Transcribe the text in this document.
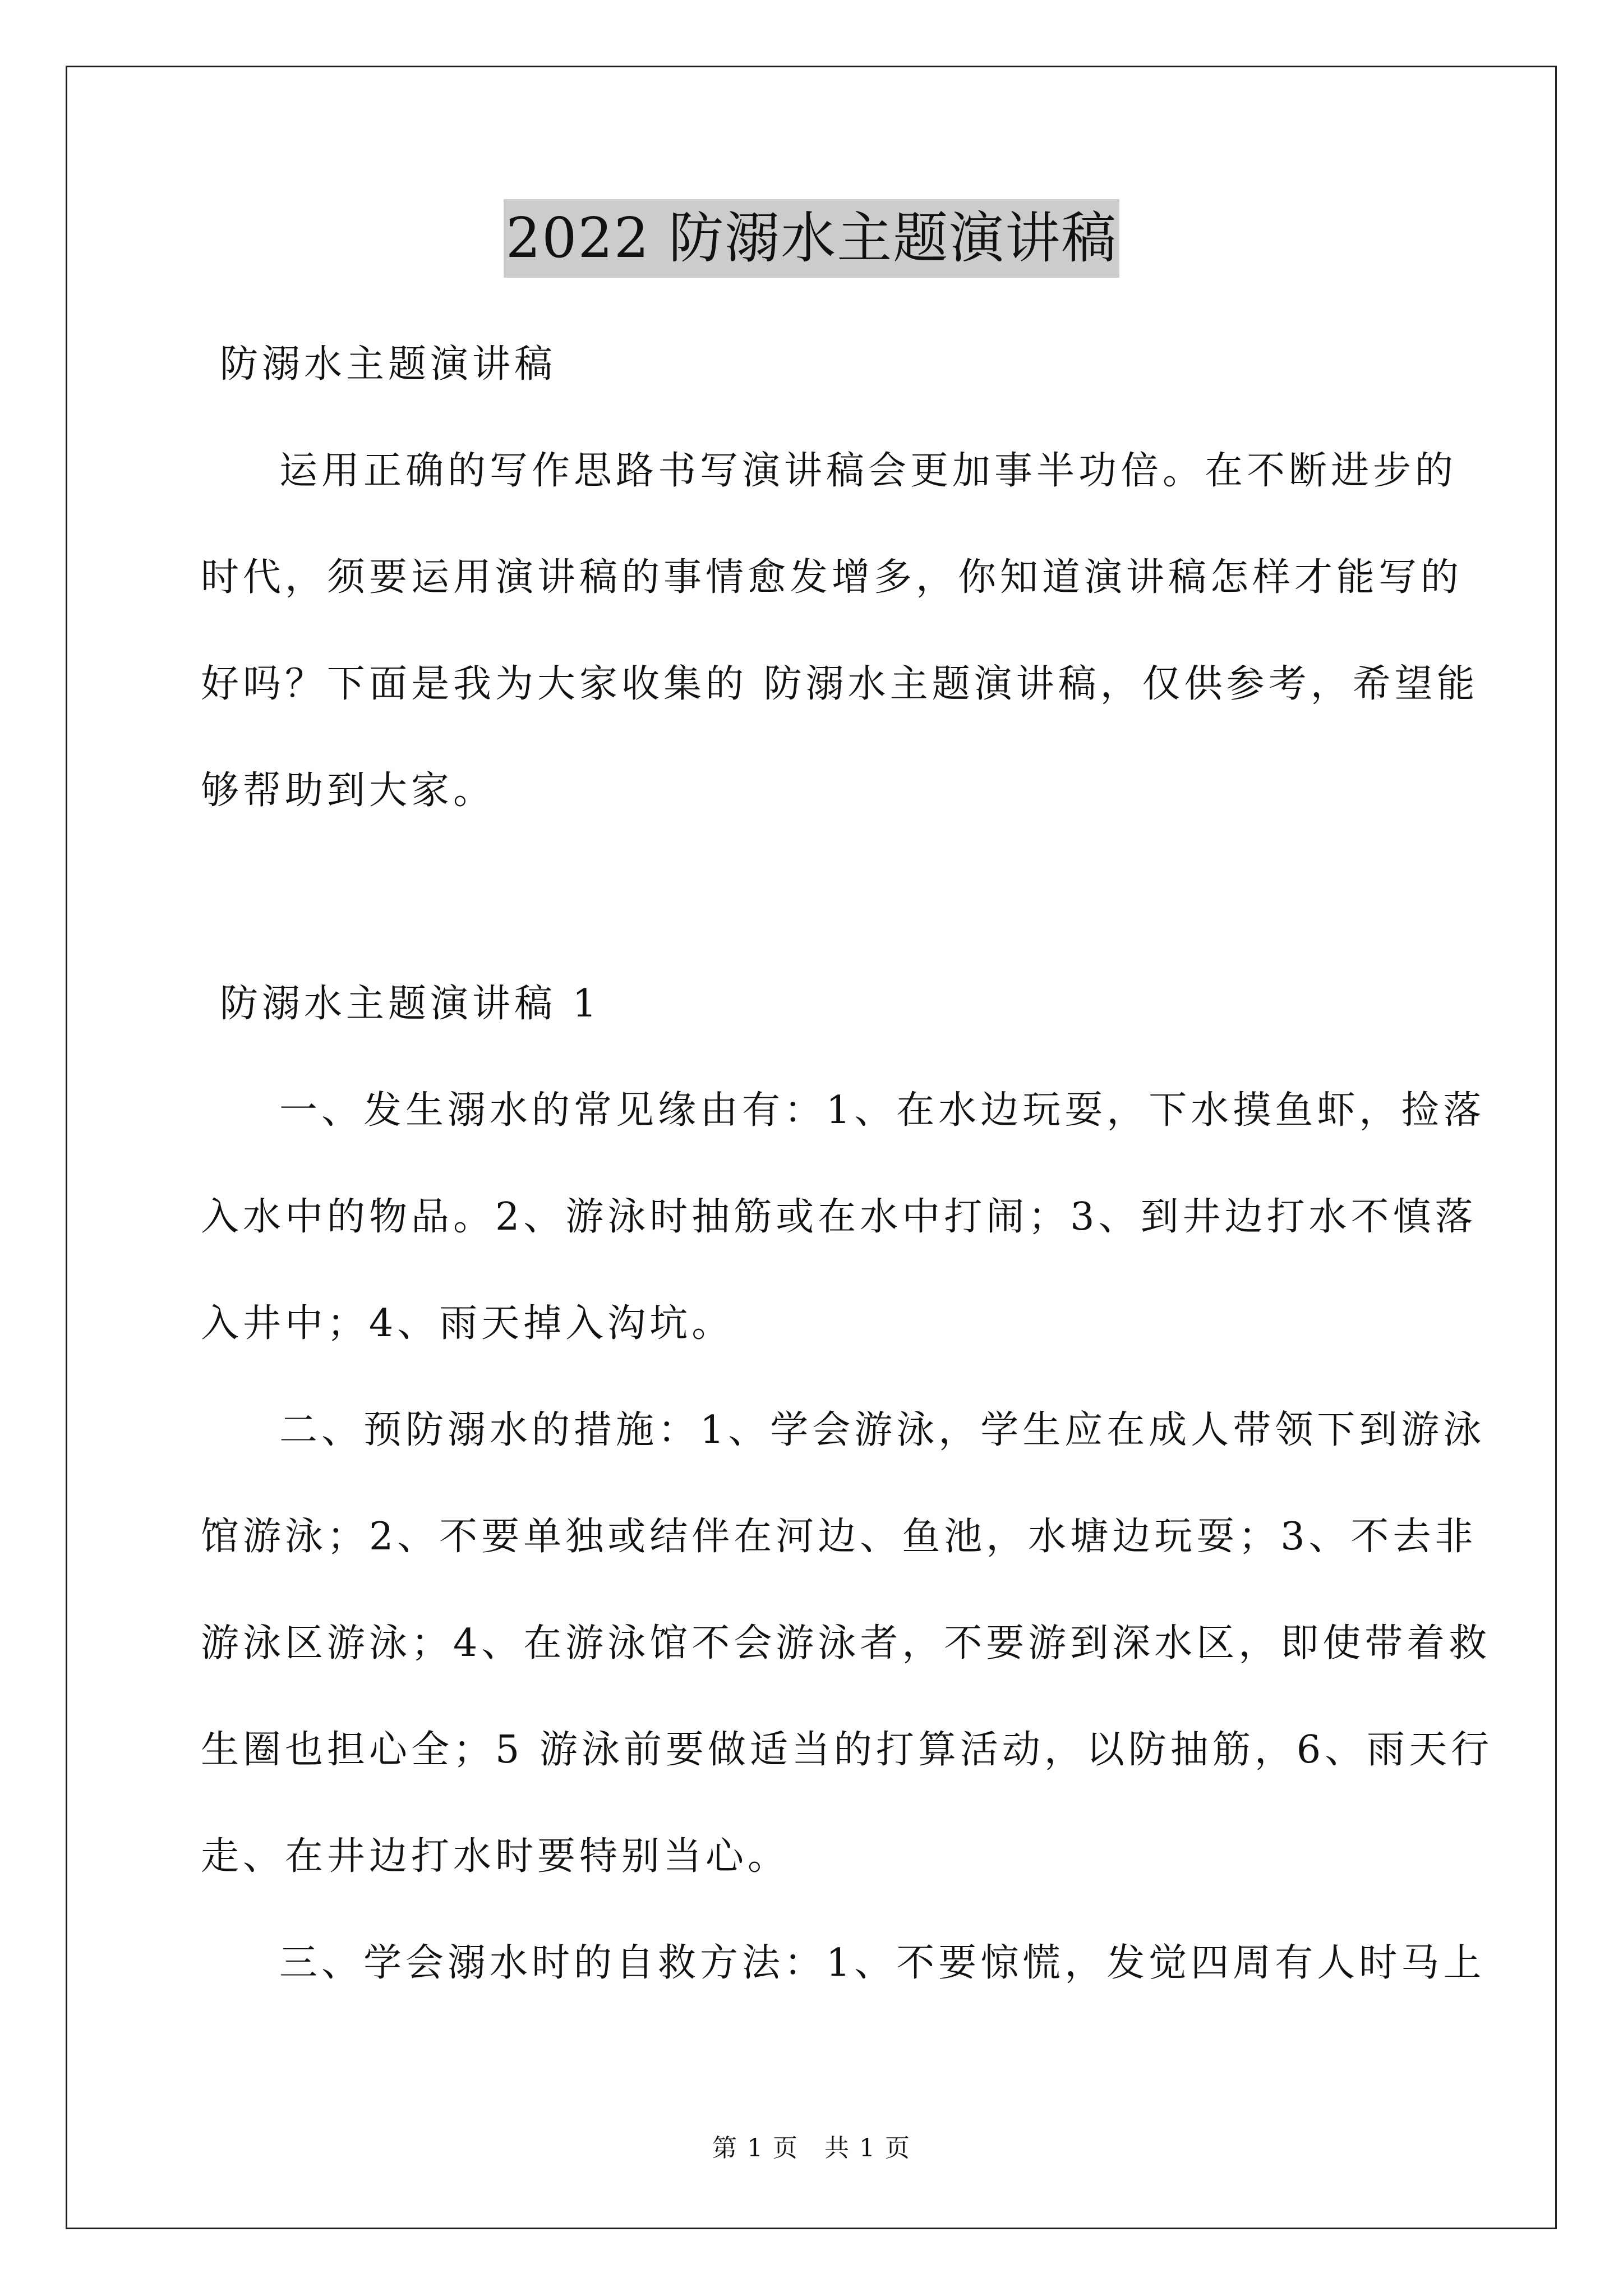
2022 防溺水主题演讲稿
防溺水主题演讲稿
运用正确的写作思路书写演讲稿会更加事半功倍。在不断进步的
时代，须要运用演讲稿的事情愈发增多，你知道演讲稿怎样才能写的
好吗？下面是我为大家收集的 防溺水主题演讲稿，仅供参考，希望能
够帮助到大家。
防溺水主题演讲稿 1
一、发生溺水的常见缘由有：1、在水边玩耍，下水摸鱼虾，捡落
入水中的物品。2、游泳时抽筋或在水中打闹；3、到井边打水不慎落
入井中；4、雨天掉入沟坑。
二、预防溺水的措施：1、学会游泳，学生应在成人带领下到游泳
馆游泳；2、不要单独或结伴在河边、鱼池，水塘边玩耍；3、不去非
游泳区游泳；4、在游泳馆不会游泳者，不要游到深水区，即使带着救
生圈也担心全；5 游泳前要做适当的打算活动，以防抽筋，6、雨天行
走、在井边打水时要特别当心。
三、学会溺水时的自救方法：1、不要惊慌，发觉四周有人时马上
第 1 页　共 1 页
